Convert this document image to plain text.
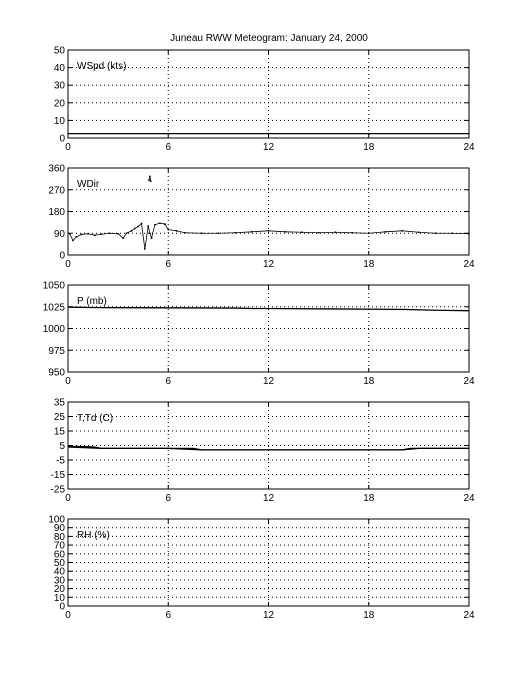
Juneau RWW Meteogram: January 24, 2000
0	6	12	18	24
0
10
20
30
40
50
WSpd (kts)
0	6	12	18	24
0
90
180
270
360
WDir
0	6	12	18	24
950
975
1000
1025
1050
P (mb)
0	6	12	18	24
-25
-15
-5
5
15
25
35
T,Td (C)
0	6	12	18	24
0
10
20
30
40
50
60
70
80
90
100
RH (%)
